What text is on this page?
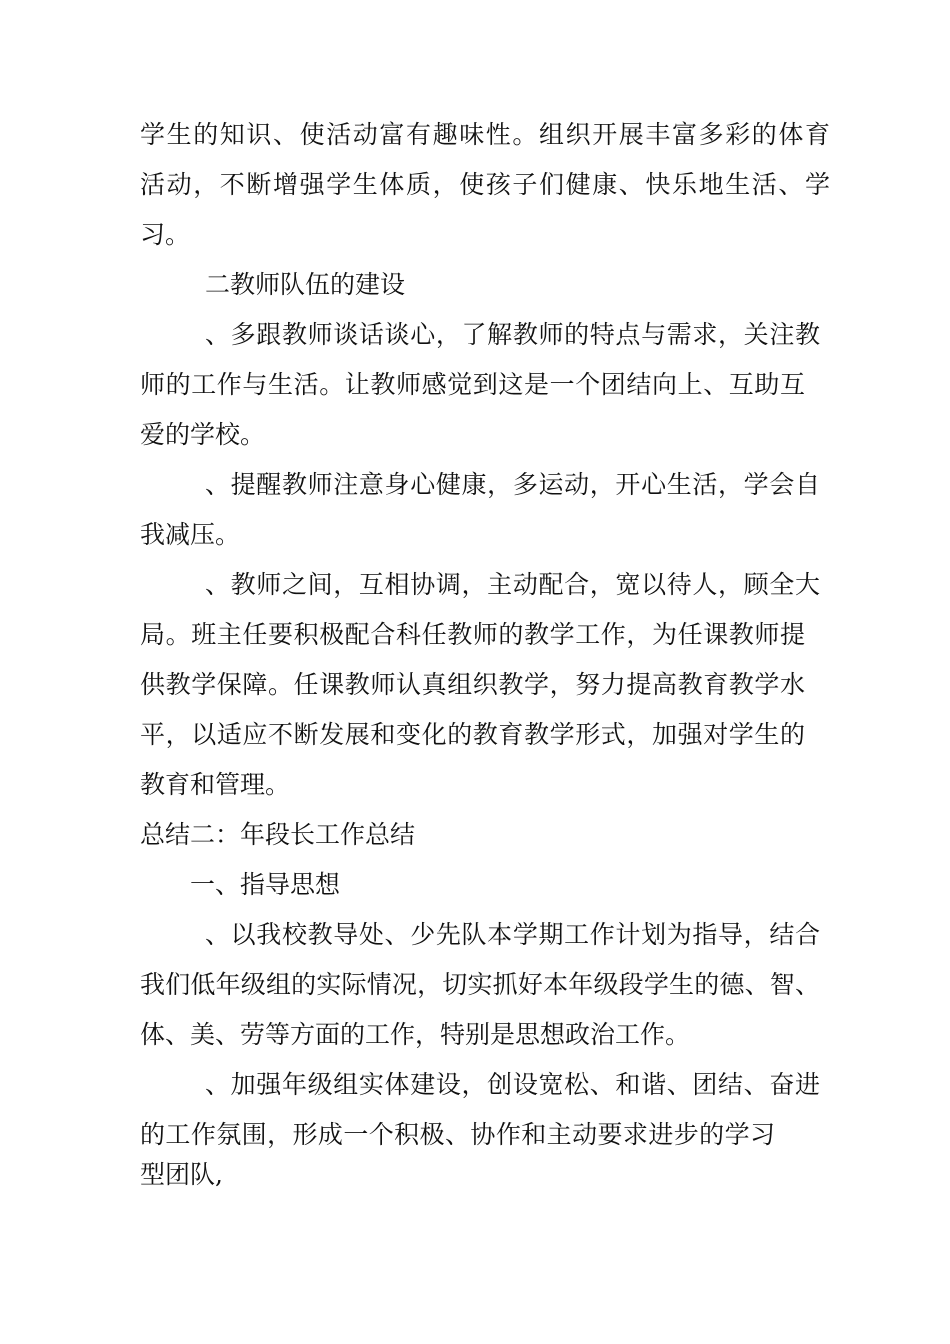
学生的知识、使活动富有趣味性。组织开展丰富多彩的体育
活动，不断增强学生体质，使孩子们健康、快乐地生活、学
习。
二教师队伍的建设
、多跟教师谈话谈心，了解教师的特点与需求，关注教
师的工作与生活。让教师感觉到这是一个团结向上、互助互
爱的学校。
、提醒教师注意身心健康，多运动，开心生活，学会自
我减压。
、教师之间，互相协调，主动配合，宽以待人，顾全大
局。班主任要积极配合科任教师的教学工作，为任课教师提
供教学保障。任课教师认真组织教学，努力提高教育教学水
平，以适应不断发展和变化的教育教学形式，加强对学生的
教育和管理。
总结二：年段长工作总结
一、指导思想
、以我校教导处、少先队本学期工作计划为指导，结合
我们低年级组的实际情况，切实抓好本年级段学生的德、智、
体、美、劳等方面的工作，特别是思想政治工作。
、加强年级组实体建设，创设宽松、和谐、团结、奋进
的工作氛围，形成一个积极、协作和主动要求进步的学习
型团队,
